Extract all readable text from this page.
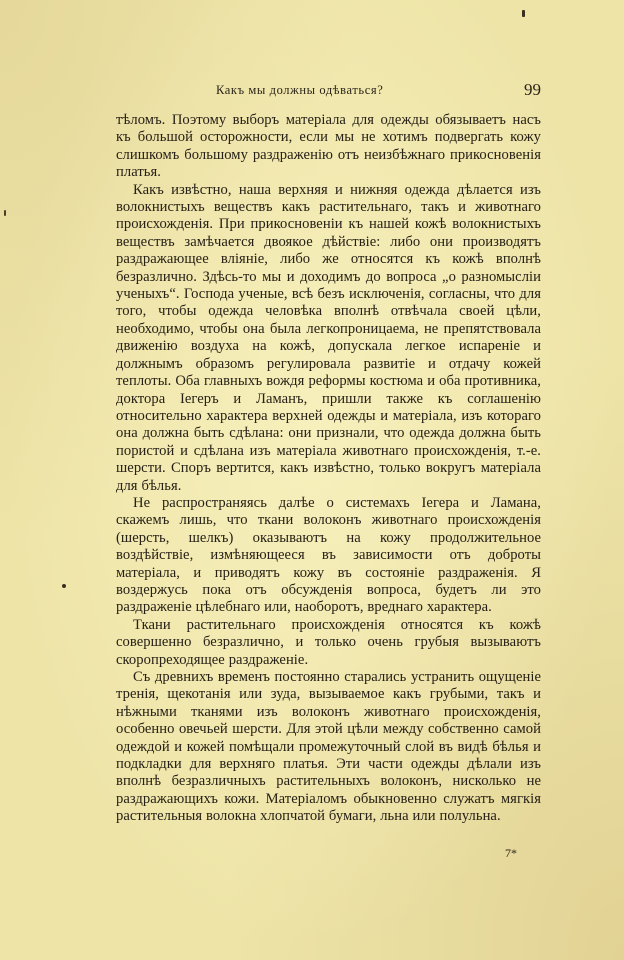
Какъ мы должны одѣваться?	99

тѣломъ. Поэтому выборъ матеріала для одежды обязываетъ насъ къ большой осторожности, если мы не хотимъ подвергать кожу слишкомъ большому раздраженію отъ неизбѣжнаго прикосновенія платья.

Какъ извѣстно, наша верхняя и нижняя одежда дѣлается изъ волокнистыхъ веществъ какъ растительнаго, такъ и животнаго происхожденія. При прикосновеніи къ нашей кожѣ волокнистыхъ веществъ замѣчается двоякое дѣйствіе: либо они производятъ раздражающее вліяніе, либо же относятся къ кожѣ вполнѣ безразлично. Здѣсь-то мы и доходимъ до вопроса „о разномысліи ученыхъ“. Господа ученые, всѣ безъ исключенія, согласны, что для того, чтобы одежда человѣка вполнѣ отвѣчала своей цѣли, необходимо, чтобы она была легкопроницаема, не препятствовала движенію воздуха на кожѣ, допускала легкое испареніе и должнымъ образомъ регулировала развитіе и отдачу кожей теплоты. Оба главныхъ вождя реформы костюма и оба противника, доктора Iегеръ и Ламанъ, пришли также къ соглашенію относительно характера верхней одежды и матеріала, изъ котораго она должна быть сдѣлана: они признали, что одежда должна быть пористой и сдѣлана изъ матеріала животнаго происхожденія, т.-е. шерсти. Споръ вертится, какъ извѣстно, только вокругъ матеріала для бѣлья.

Не распространяясь далѣе о системахъ Iегера и Ламана, скажемъ лишь, что ткани волоконъ животнаго происхожденія (шерсть, шелкъ) оказываютъ на кожу продолжительное воздѣйствіе, измѣняющееся въ зависимости отъ доброты матеріала, и приводятъ кожу въ состояніе раздраженія. Я воздержусь пока отъ обсужденія вопроса, будетъ ли это раздраженіе цѣлебнаго или, наоборотъ, вреднаго характера.

Ткани растительнаго происхожденія относятся къ кожѣ совершенно безразлично, и только очень грубыя вызываютъ скоропреходящее раздраженіе.

Съ древнихъ временъ постоянно старались устранить ощущеніе тренія, щекотанія или зуда, вызываемое какъ грубыми, такъ и нѣжными тканями изъ волоконъ животнаго происхожденія, особенно овечьей шерсти. Для этой цѣли между собственно самой одеждой и кожей помѣщали промежуточный слой въ видѣ бѣлья и подкладки для верхняго платья. Эти части одежды дѣлали изъ вполнѣ безразличныхъ растительныхъ волоконъ, нисколько не раздражающихъ кожи. Матеріаломъ обыкновенно служатъ мягкія растительныя волокна хлопчатой бумаги, льна или полульна.

7*
